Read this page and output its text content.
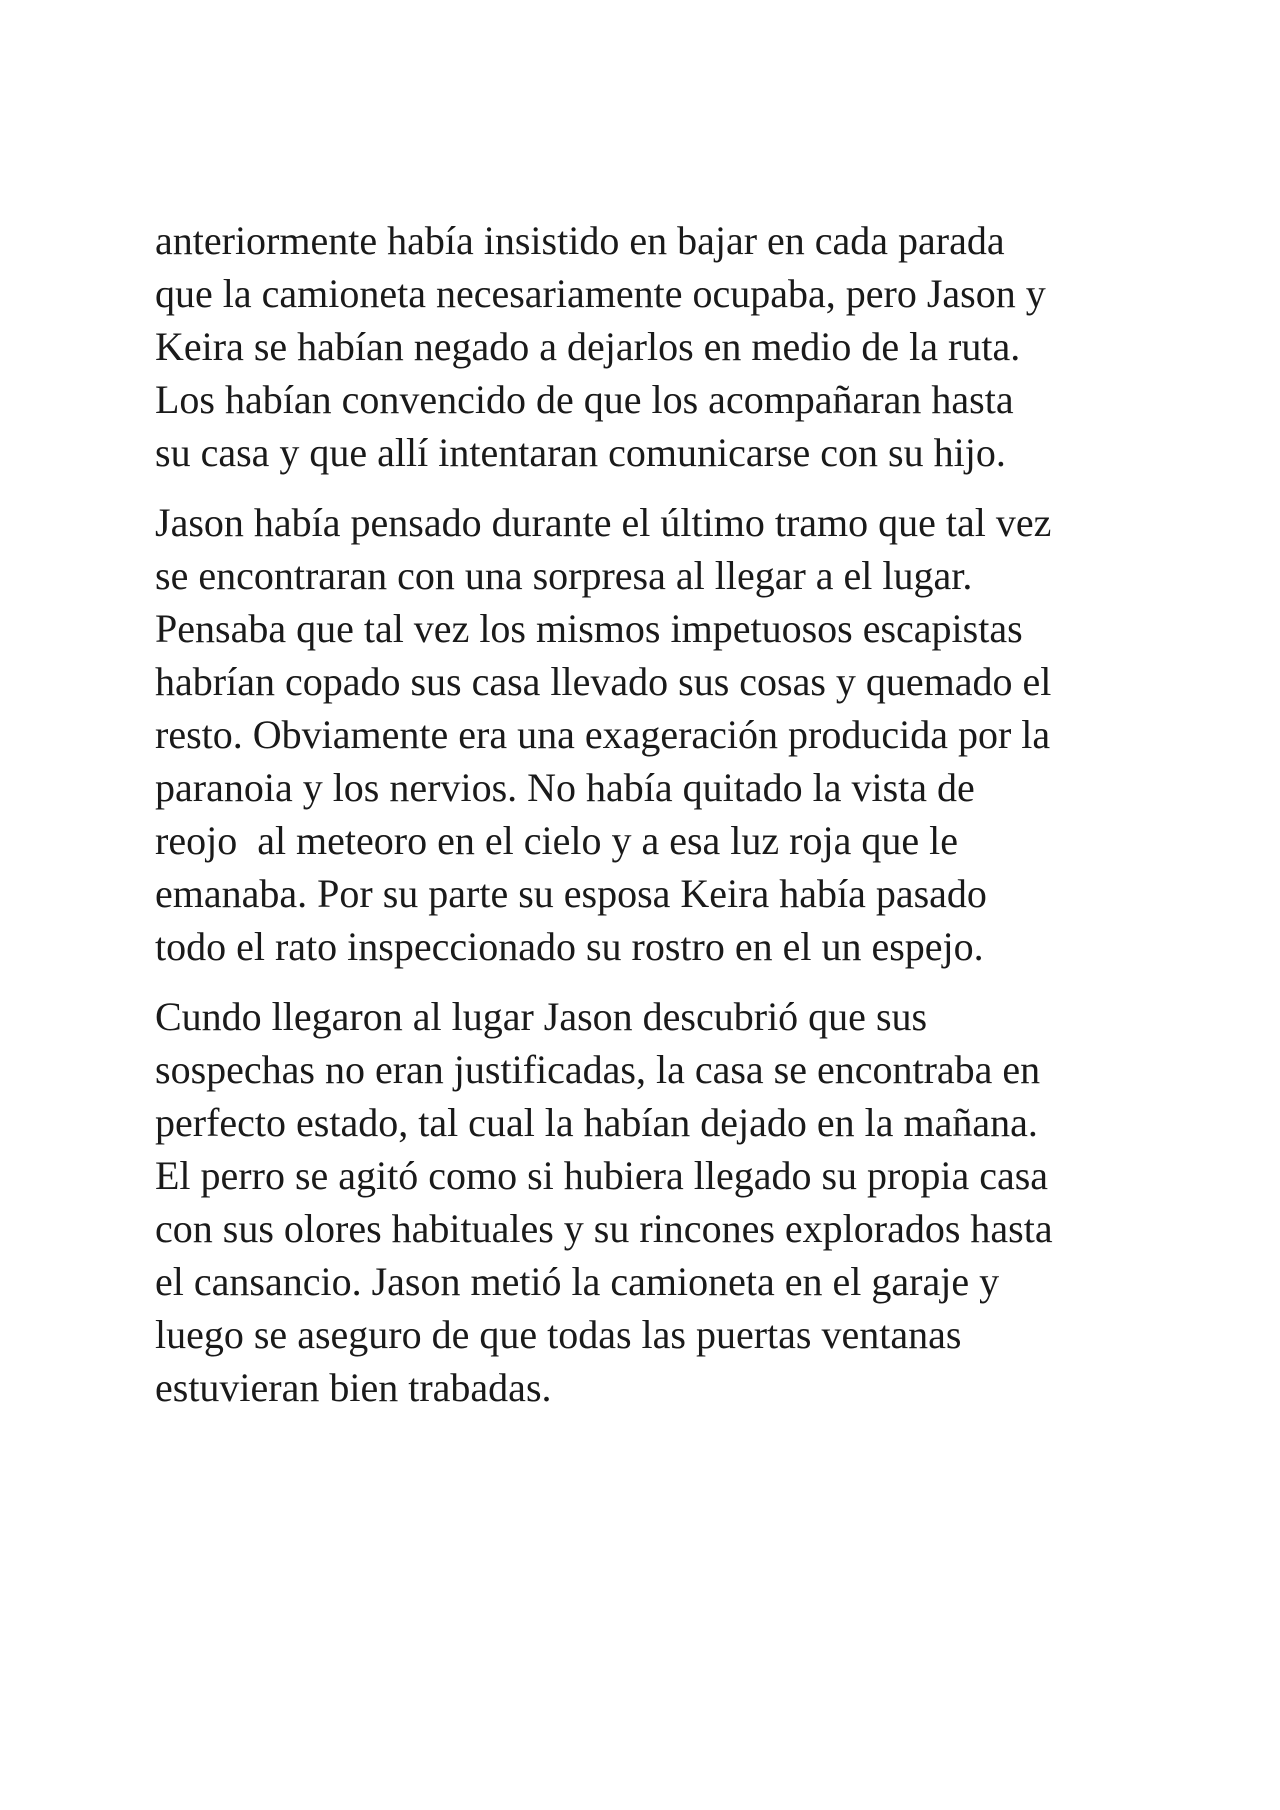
anteriormente había insistido en bajar en cada parada
que la camioneta necesariamente ocupaba, pero Jason y
Keira se habían negado a dejarlos en medio de la ruta.
Los habían convencido de que los acompañaran hasta
su casa y que allí intentaran comunicarse con su hijo.

Jason había pensado durante el último tramo que tal vez
se encontraran con una sorpresa al llegar a el lugar.
Pensaba que tal vez los mismos impetuosos escapistas
habrían copado sus casa llevado sus cosas y quemado el
resto. Obviamente era una exageración producida por la
paranoia y los nervios. No había quitado la vista de
reojo  al meteoro en el cielo y a esa luz roja que le
emanaba. Por su parte su esposa Keira había pasado
todo el rato inspeccionado su rostro en el un espejo.

Cundo llegaron al lugar Jason descubrió que sus
sospechas no eran justificadas, la casa se encontraba en
perfecto estado, tal cual la habían dejado en la mañana.
El perro se agitó como si hubiera llegado su propia casa
con sus olores habituales y su rincones explorados hasta
el cansancio. Jason metió la camioneta en el garaje y
luego se aseguro de que todas las puertas ventanas
estuvieran bien trabadas.
